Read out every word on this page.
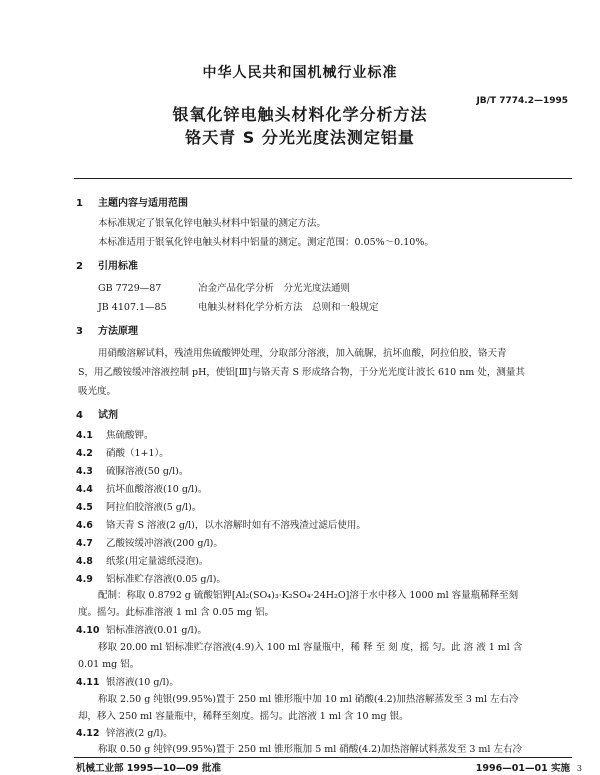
中华人民共和国机械行业标准
银氧化锌电触头材料化学分析方法
铬天青 S 分光光度法测定铝量
JB/T 7774.2—1995
1 主题内容与适用范围
本标准规定了银氧化锌电触头材料中铝量的测定方法。
本标准适用于银氧化锌电触头材料中铝量的测定。测定范围：0.05%～0.10%。
2 引用标准
GB 7729—87	冶金产品化学分析　分光光度法通则
JB 4107.1—85	电触头材料化学分析方法　总则和一般规定
3 方法原理
用硝酸溶解试料，残渣用焦硫酸钾处理，分取部分溶液，加入硫脲，抗坏血酸，阿拉伯胶，铬天青
S，用乙酸铵缓冲溶液控制 pH，使铝[Ⅲ]与铬天青 S 形成络合物，于分光光度计波长 610 nm 处，测量其
吸光度。
4 试剂
4.1 焦硫酸钾。
4.2 硝酸（1+1）。
4.3 硫脲溶液(50 g/l)。
4.4 抗坏血酸溶液(10 g/l)。
4.5 阿拉伯胶溶液(5 g/l)。
4.6 铬天青 S 溶液(2 g/l)，以水溶解时如有不溶残渣过滤后使用。
4.7 乙酸铵缓冲溶液(200 g/l)。
4.8 纸浆(用定量滤纸浸泡)。
4.9 铝标准贮存溶液(0.05 g/l)。
配制：称取 0.8792 g 硫酸铝钾[Al₂(SO₄)₃·K₂SO₄·24H₂O]溶于水中移入 1000 ml 容量瓶稀释至刻
度。摇匀。此标准溶液 1 ml 含 0.05 mg 铝。
4.10 铝标准溶液(0.01 g/l)。
移取 20.00 ml 铝标准贮存溶液(4.9)入 100 ml 容量瓶中，稀 释 至 刻 度，摇 匀。此 溶 液 1 ml 含
0.01 mg 铝。
4.11 银溶液(10 g/l)。
称取 2.50 g 纯银(99.95%)置于 250 ml 锥形瓶中加 10 ml 硝酸(4.2)加热溶解蒸发至 3 ml 左右冷
却，移入 250 ml 容量瓶中，稀释至刻度。摇匀。此溶液 1 ml 含 10 mg 银。
机械工业部 1995—10—09 批准	1996—01—01 实施 3
4.12 锌溶液(2 g/l)。
称取 0.50 g 纯锌(99.95%)置于 250 ml 锥形瓶加 5 ml 硝酸(4.2)加热溶解试料蒸发至 3 ml 左右冷
